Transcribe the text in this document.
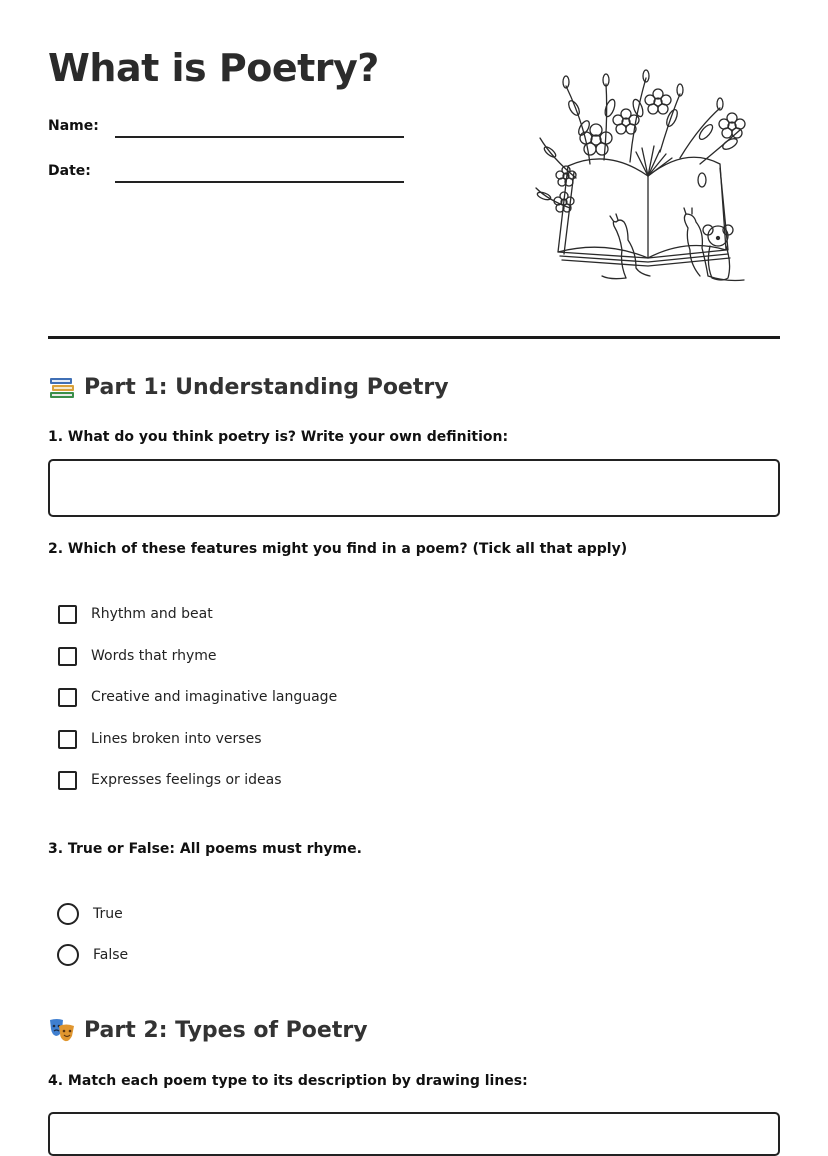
What is Poetry?
Name:
Date:
Part 1: Understanding Poetry

1. What do you think poetry is? Write your own definition:

2. Which of these features might you find in a poem? (Tick all that apply)

Rhythm and beat
Words that rhyme
Creative and imaginative language
Lines broken into verses
Expresses feelings or ideas

3. True or False: All poems must rhyme.

True
False
Part 2: Types of Poetry

4. Match each poem type to its description by drawing lines:
